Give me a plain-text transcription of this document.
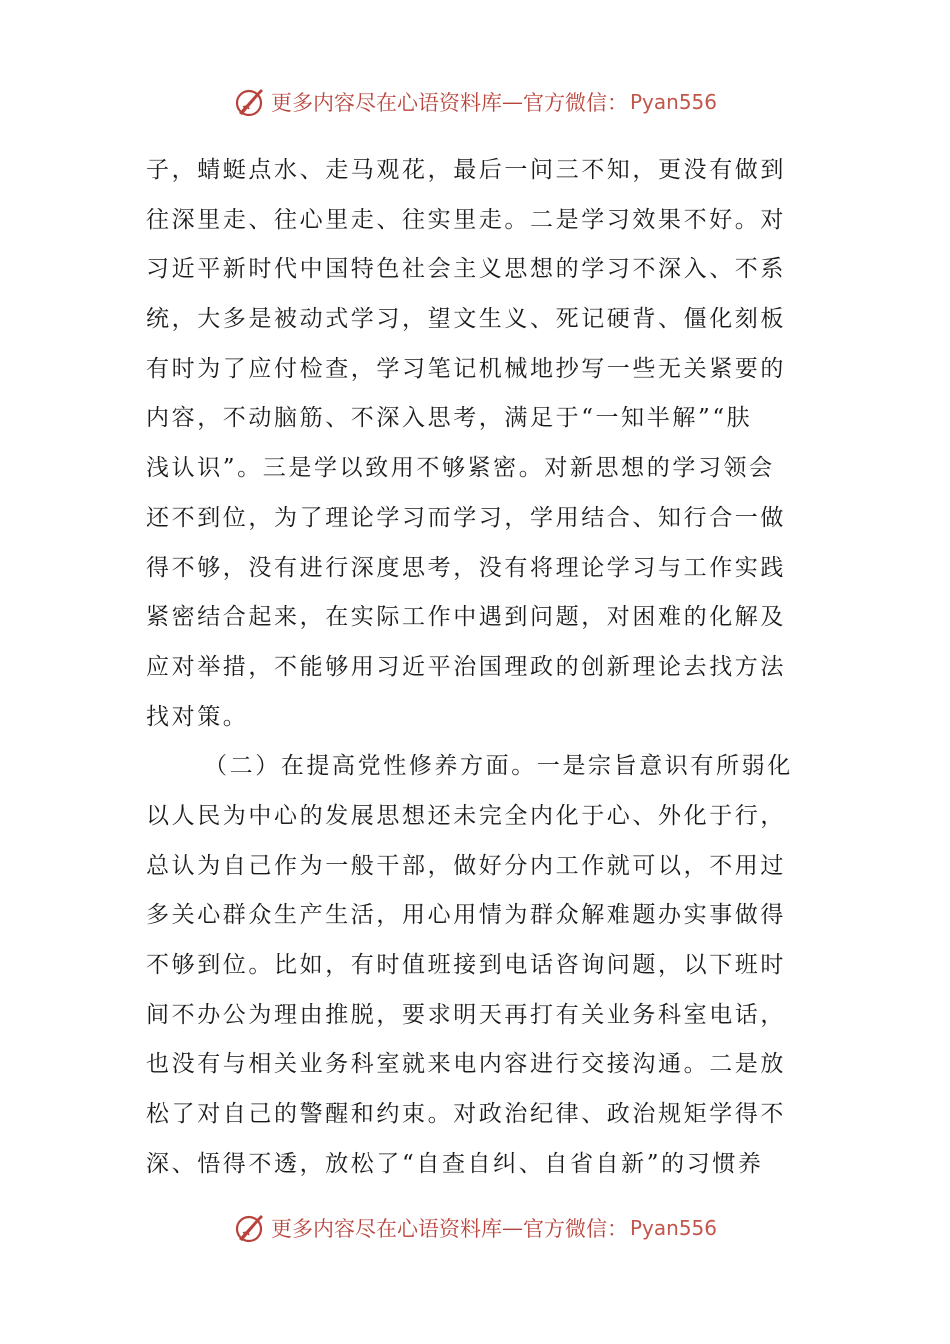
更多内容尽在心语资料库 — 官方微信： Pyan556
子，蜻蜓点水、走马观花，最后一问三不知，更没有做到
往深里走、往心里走、往实里走。二是学习效果不好。对
习近平新时代中国特色社会主义思想的学习不深入、不系
统，大多是被动式学习，望文生义、死记硬背、僵化刻板
有时为了应付检查，学习笔记机械地抄写一些无关紧要的
内容，不动脑筋、不深入思考，满足于“一知半解”“肤
浅认识”。三是学以致用不够紧密。对新思想的学习领会
还不到位，为了理论学习而学习，学用结合、知行合一做
得不够，没有进行深度思考，没有将理论学习与工作实践
紧密结合起来，在实际工作中遇到问题，对困难的化解及
应对举措，不能够用习近平治国理政的创新理论去找方法
找对策。
（二）在提高党性修养方面。一是宗旨意识有所弱化
以人民为中心的发展思想还未完全内化于心、外化于行，
总认为自己作为一般干部，做好分内工作就可以，不用过
多关心群众生产生活，用心用情为群众解难题办实事做得
不够到位。比如，有时值班接到电话咨询问题，以下班时
间不办公为理由推脱，要求明天再打有关业务科室电话，
也没有与相关业务科室就来电内容进行交接沟通。二是放
松了对自己的警醒和约束。对政治纪律、政治规矩学得不
深、悟得不透，放松了“自查自纠、自省自新”的习惯养
更多内容尽在心语资料库 — 官方微信： Pyan556
